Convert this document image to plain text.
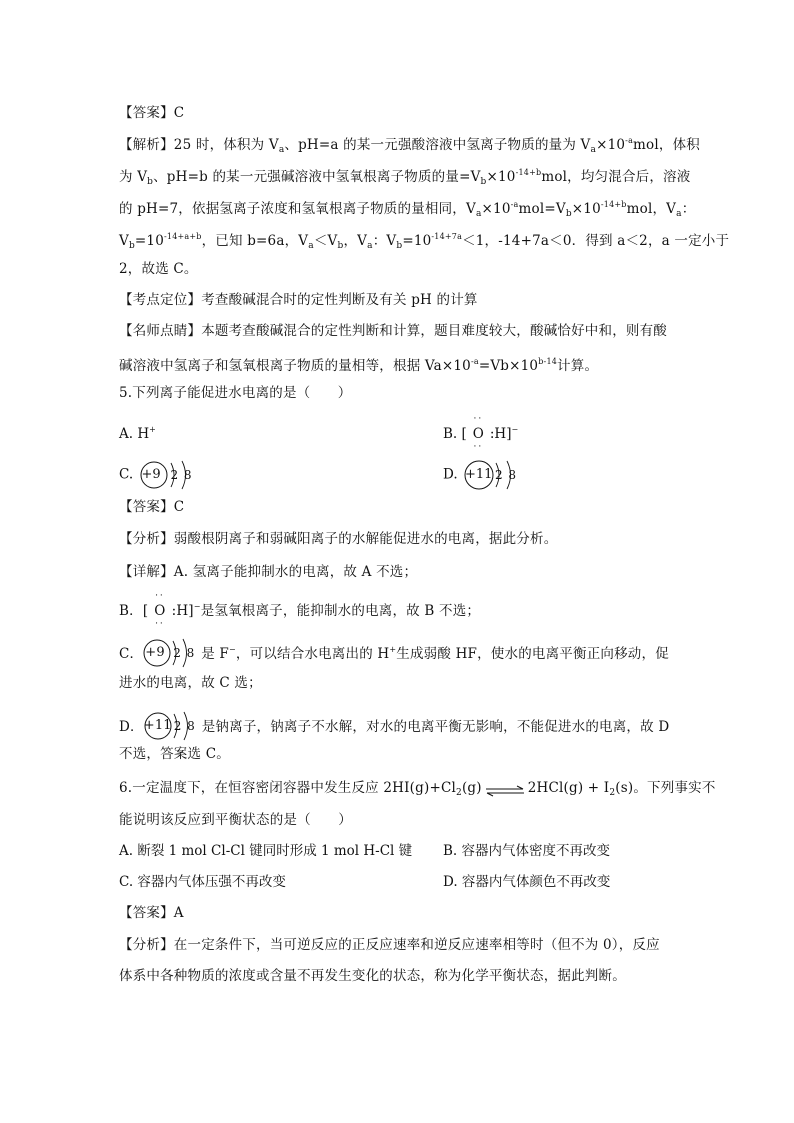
【答案】C
【解析】25 时，体积为 $V_a$、pH=a 的某一元强酸溶液中氢离子物质的量为 $V_a\times 10^{-a}mol$，体积
为 $V_b$、pH=b 的某一元强碱溶液中氢氧根离子物质的量$=V_b\times 10^{-14+b}mol$，均匀混合后，溶液
的 pH=7，依据氢离子浓度和氢氧根离子物质的量相同，$V_a\times 10^{-a}mol=V_b\times 10^{-14+b}mol$，$V_a$：
$V_b=10^{-14+a+b}$，已知 b=6a，$V_a<V_b$，$V_a$：$V_b=10^{-14+7a}<1$，-14+7a＜0．得到 a＜2，a 一定小于
2，故选 C。
【考点定位】考查酸碱混合时的定性判断及有关 pH 的计算
【名师点睛】本题考查酸碱混合的定性判断和计算，题目难度较大，酸碱恰好中和，则有酸
碱溶液中氢离子和氢氧根离子物质的量相等，根据 $Va\times 10^{-a}=Vb\times 10^{b-14}$计算。
5.下列离子能促进水电离的是（　　）
A. H+	B. [
··
O
··
:H]−
C. +9 2 8	D. +11 2 8
【答案】C
【分析】弱酸根阴离子和弱碱阳离子的水解能促进水的电离，据此分析。
【详解】A. 氢离子能抑制水的电离，故 A 不选；
B．[
··
O
··
:H]−是氢氧根离子，能抑制水的电离，故 B 不选；
C． +9 2 8 是 F−，可以结合水电离出的 H+生成弱酸 HF，使水的电离平衡正向移动，促
进水的电离，故 C 选；
D． +11 2 8 是钠离子，钠离子不水解，对水的电离平衡无影响，不能促进水的电离，故 D
不选，答案选 C。
6.一定温度下，在恒容密闭容器中发生反应 $2HI(g)+Cl_2(g)$ ⇌ $2HCl(g) + I_2(s)$。下列事实不
能说明该反应到平衡状态的是（　　）
A. 断裂 1 mol Cl-Cl 键同时形成 1 mol H-Cl 键 B. 容器内气体密度不再改变
C. 容器内气体压强不再改变	D. 容器内气体颜色不再改变
【答案】A
【分析】在一定条件下，当可逆反应的正反应速率和逆反应速率相等时（但不为 0），反应
体系中各种物质的浓度或含量不再发生变化的状态，称为化学平衡状态，据此判断。
